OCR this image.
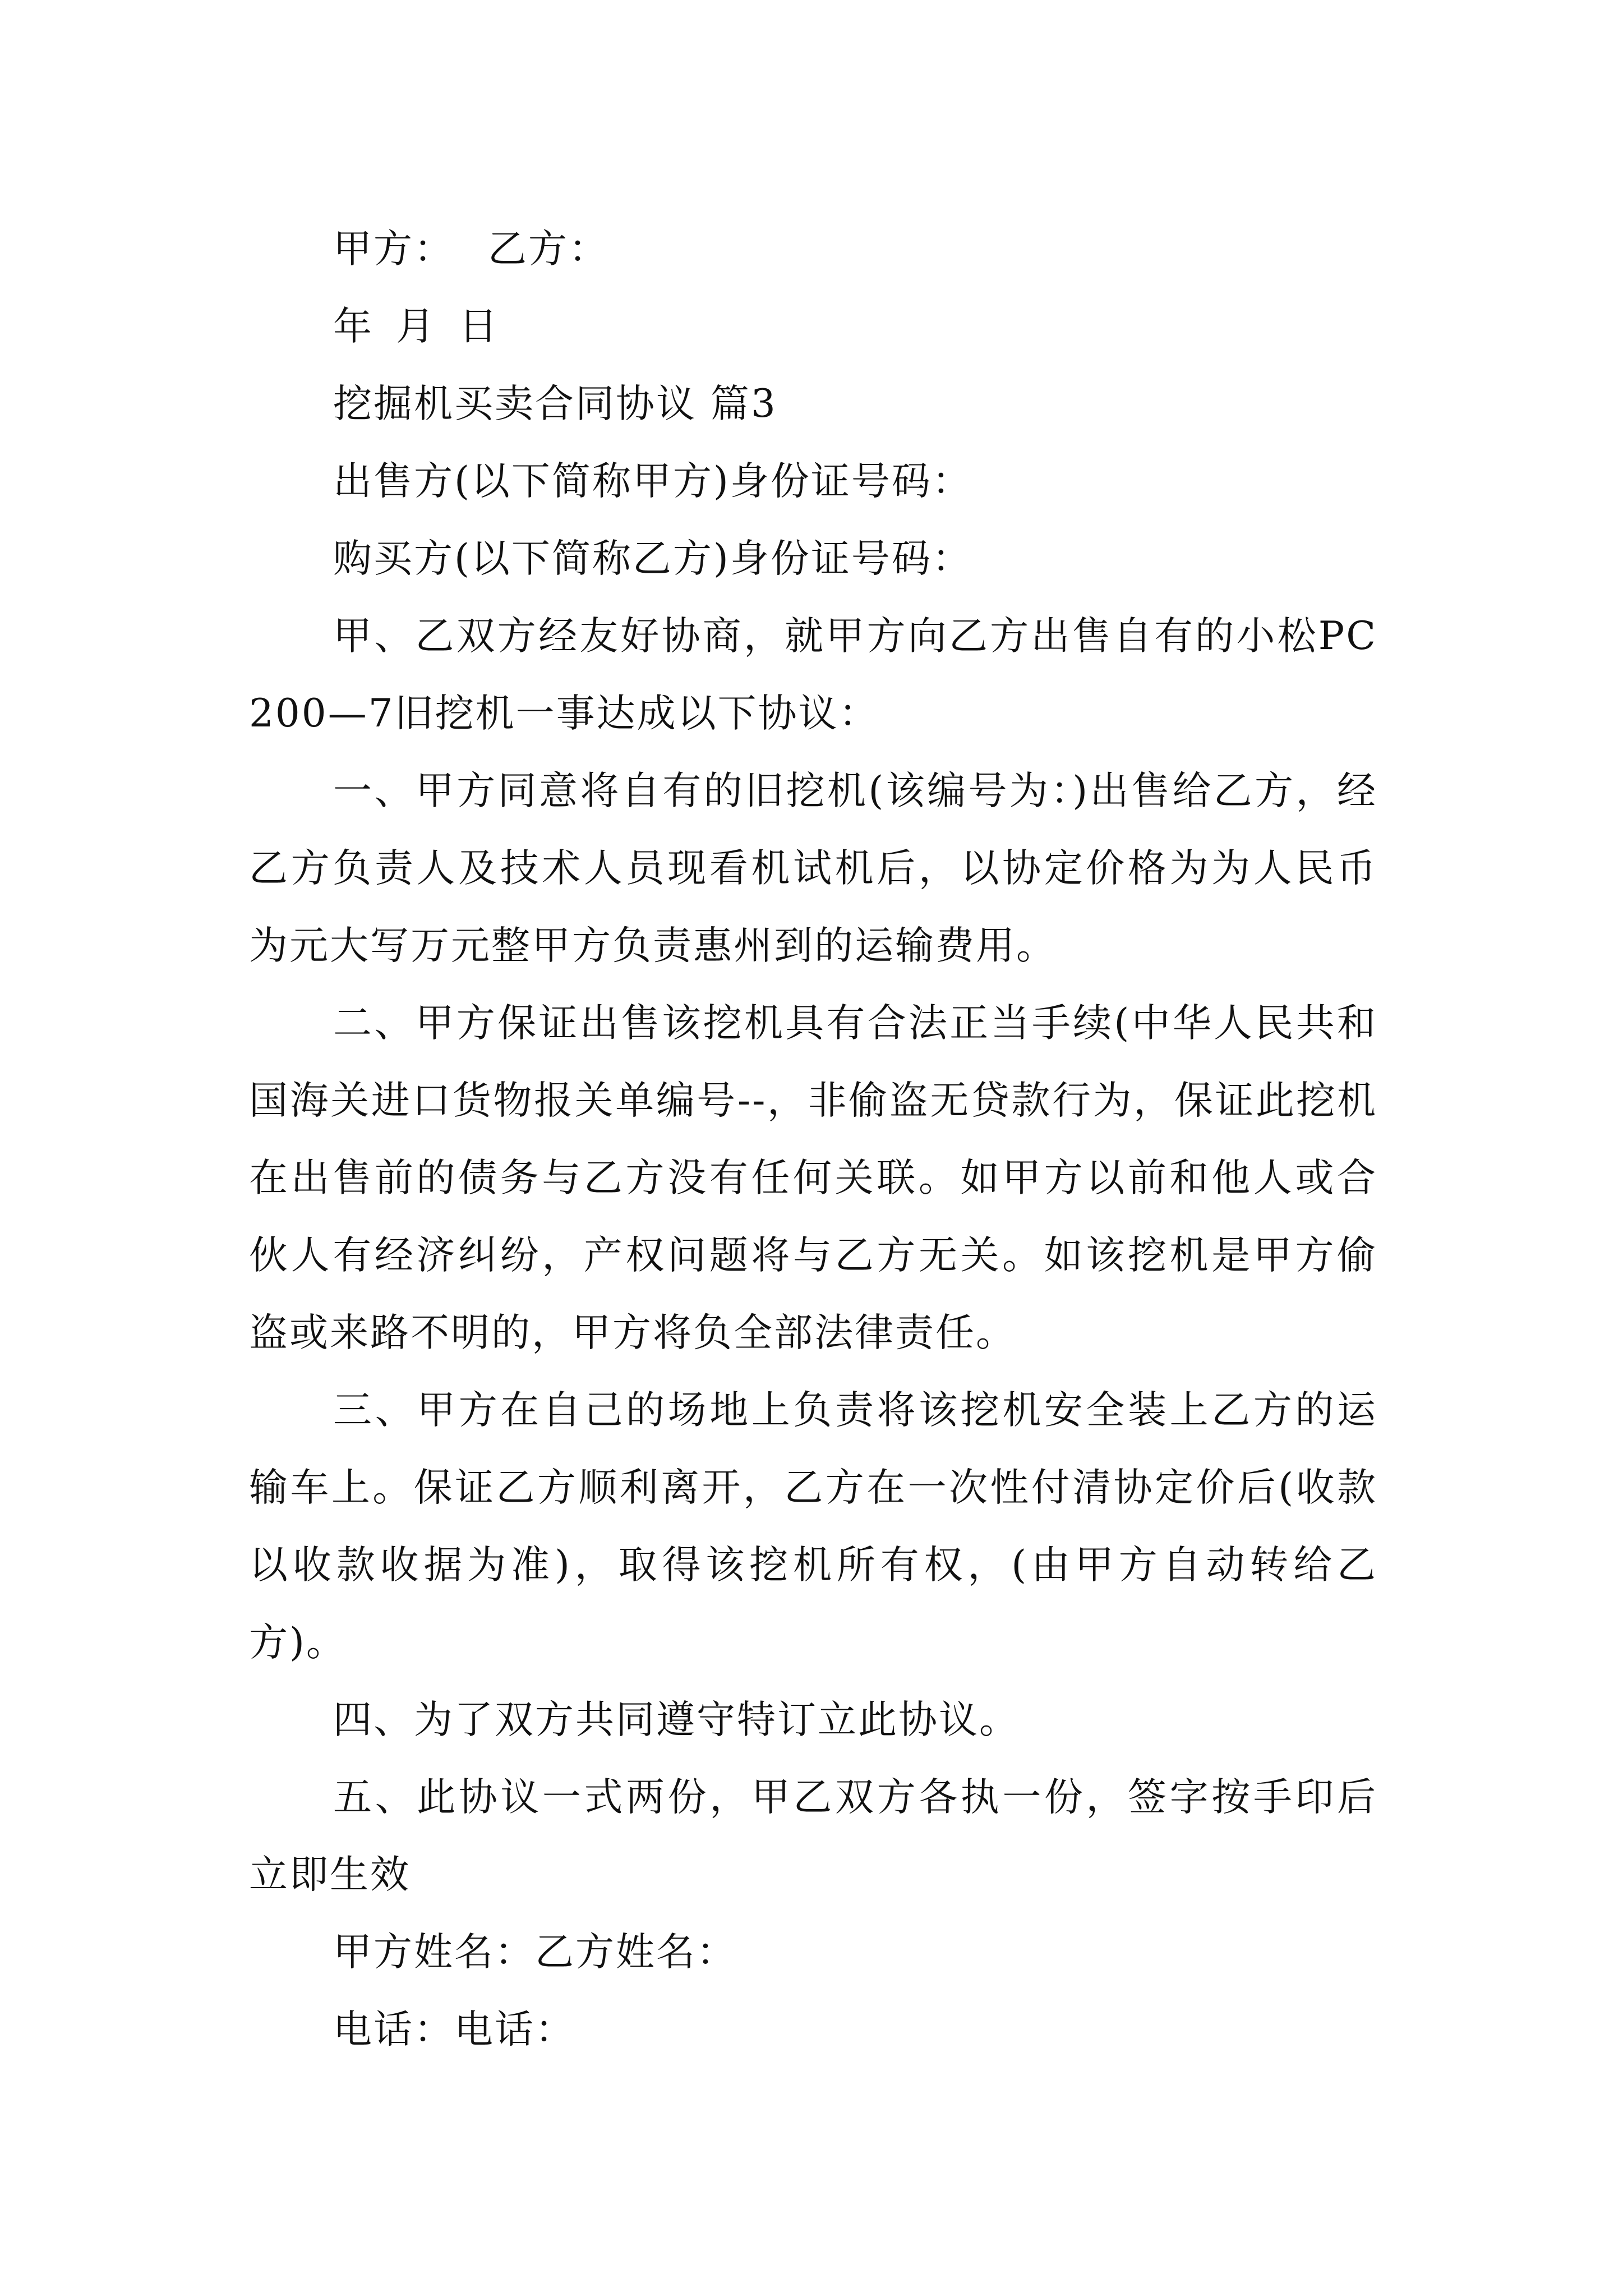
甲方： 乙方：
年 月 日
挖掘机买卖合同协议 篇3
出售方(以下简称甲方)身份证号码：
购买方(以下简称乙方)身份证号码：
甲、乙双方经友好协商，就甲方向乙方出售自有的小松PC200—7旧挖机一事达成以下协议：
一、甲方同意将自有的旧挖机(该编号为：)出售给乙方，经乙方负责人及技术人员现看机试机后，以协定价格为为人民币为元大写万元整甲方负责惠州到的运输费用。
二、甲方保证出售该挖机具有合法正当手续(中华人民共和国海关进口货物报关单编号--，非偷盗无贷款行为，保证此挖机在出售前的债务与乙方没有任何关联。如甲方以前和他人或合伙人有经济纠纷，产权问题将与乙方无关。如该挖机是甲方偷盗或来路不明的，甲方将负全部法律责任。
三、甲方在自己的场地上负责将该挖机安全装上乙方的运输车上。保证乙方顺利离开，乙方在一次性付清协定价后(收款以收款收据为准)，取得该挖机所有权，(由甲方自动转给乙方)。
四、为了双方共同遵守特订立此协议。
五、此协议一式两份，甲乙双方各执一份，签字按手印后立即生效
甲方姓名：乙方姓名：
电话：电话：
